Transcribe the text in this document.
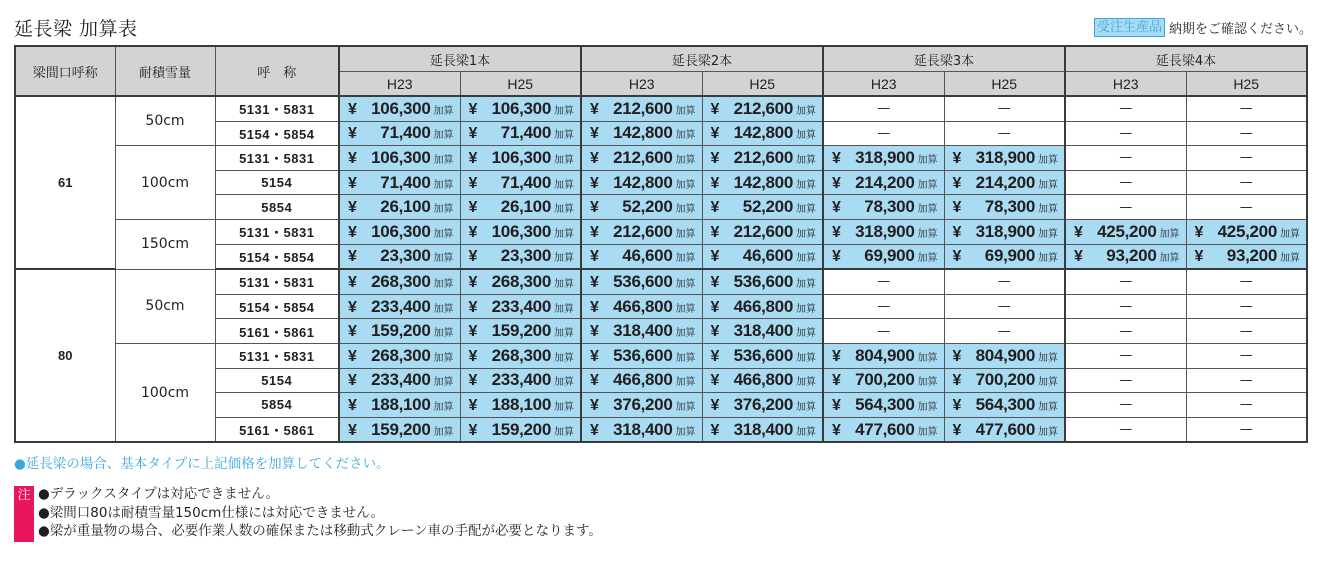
延長梁 加算表	受注生産品 納期をご確認ください。
梁間口呼称	耐積雪量	呼　称	延長梁1本		延長梁2本		延長梁3本		延長梁4本	
			H23	H25	H23	H25	H23	H25	H23	H25
61	50cm	5131・5831	¥ 106,300 加算	¥ 106,300 加算	¥ 212,600 加算	¥ 212,600 加算	—	—	—	—
		5154・5854	¥ 71,400 加算	¥ 71,400 加算	¥ 142,800 加算	¥ 142,800 加算	—	—	—	—
	100cm	5131・5831	¥ 106,300 加算	¥ 106,300 加算	¥ 212,600 加算	¥ 212,600 加算	¥ 318,900 加算	¥ 318,900 加算	—	—
		5154	¥ 71,400 加算	¥ 71,400 加算	¥ 142,800 加算	¥ 142,800 加算	¥ 214,200 加算	¥ 214,200 加算	—	—
		5854	¥ 26,100 加算	¥ 26,100 加算	¥ 52,200 加算	¥ 52,200 加算	¥ 78,300 加算	¥ 78,300 加算	—	—
	150cm	5131・5831	¥ 106,300 加算	¥ 106,300 加算	¥ 212,600 加算	¥ 212,600 加算	¥ 318,900 加算	¥ 318,900 加算	¥ 425,200 加算	¥ 425,200 加算

		5154・5854	¥ 23,300 加算	¥ 23,300 加算	¥ 46,600 加算	¥ 46,600 加算	¥ 69,900 加算	¥ 69,900 加算	¥ 93,200 加算	¥ 93,200 加算

80	50cm	5131・5831	¥ 268,300 加算	¥ 268,300 加算	¥ 536,600 加算	¥ 536,600 加算	—	—	—	—
		5154・5854	¥ 233,400 加算	¥ 233,400 加算	¥ 466,800 加算	¥ 466,800 加算	—	—	—	—
		5161・5861	¥ 159,200 加算	¥ 159,200 加算	¥ 318,400 加算	¥ 318,400 加算	—	—	—	—
	100cm	5131・5831	¥ 268,300 加算	¥ 268,300 加算	¥ 536,600 加算	¥ 536,600 加算	¥ 804,900 加算	¥ 804,900 加算	—	—
		5154	¥ 233,400 加算	¥ 233,400 加算	¥ 466,800 加算	¥ 466,800 加算	¥ 700,200 加算	¥ 700,200 加算	—	—
		5854	¥ 188,100 加算	¥ 188,100 加算	¥ 376,200 加算	¥ 376,200 加算	¥ 564,300 加算	¥ 564,300 加算	—	—
		5161・5861	¥ 159,200 加算	¥ 159,200 加算	¥ 318,400 加算	¥ 318,400 加算	¥ 477,600 加算	¥ 477,600 加算	—	—
●延長梁の場合、基本タイプに上記価格を加算してください。
注 ●デラックスタイプは対応できません。
●梁間口80は耐積雪量150cm仕様には対応できません。
●梁が重量物の場合、必要作業人数の確保または移動式クレーン車の手配が必要となります。
